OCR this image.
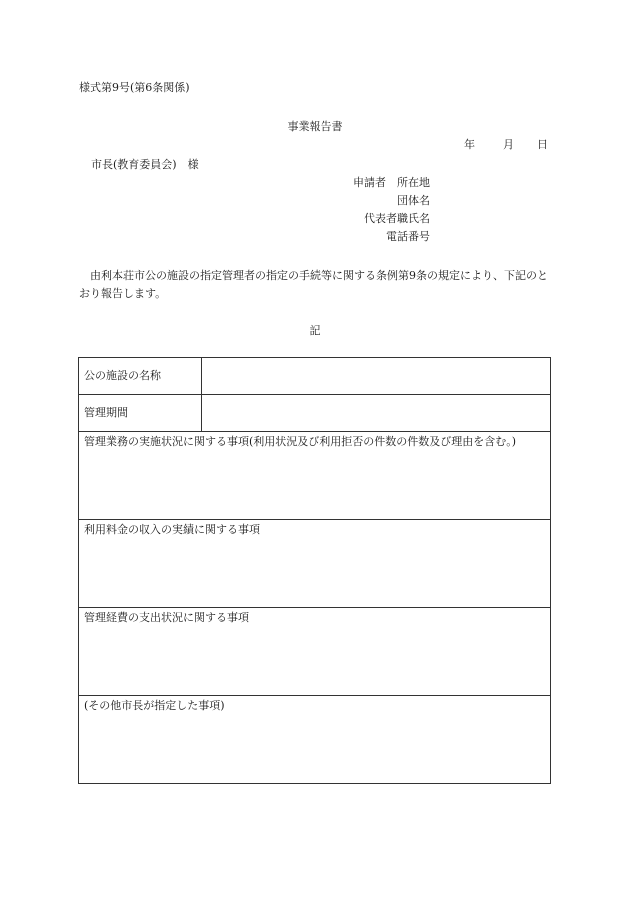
様式第9号(第6条関係)
事業報告書
年	月 日
市長(教育委員会)　様
申請者　所在地
団体名
代表者職氏名
電話番号
由利本荘市公の施設の指定管理者の指定の手続等に関する条例第9条の規定により、下記のとおり報告します。
記
公の施設の名称	
管理期間	
管理業務の実施状況に関する事項(利用状況及び利用拒否の件数の件数及び理由を含む。)	
利用料金の収入の実績に関する事項	
管理経費の支出状況に関する事項	
(その他市長が指定した事項)	
